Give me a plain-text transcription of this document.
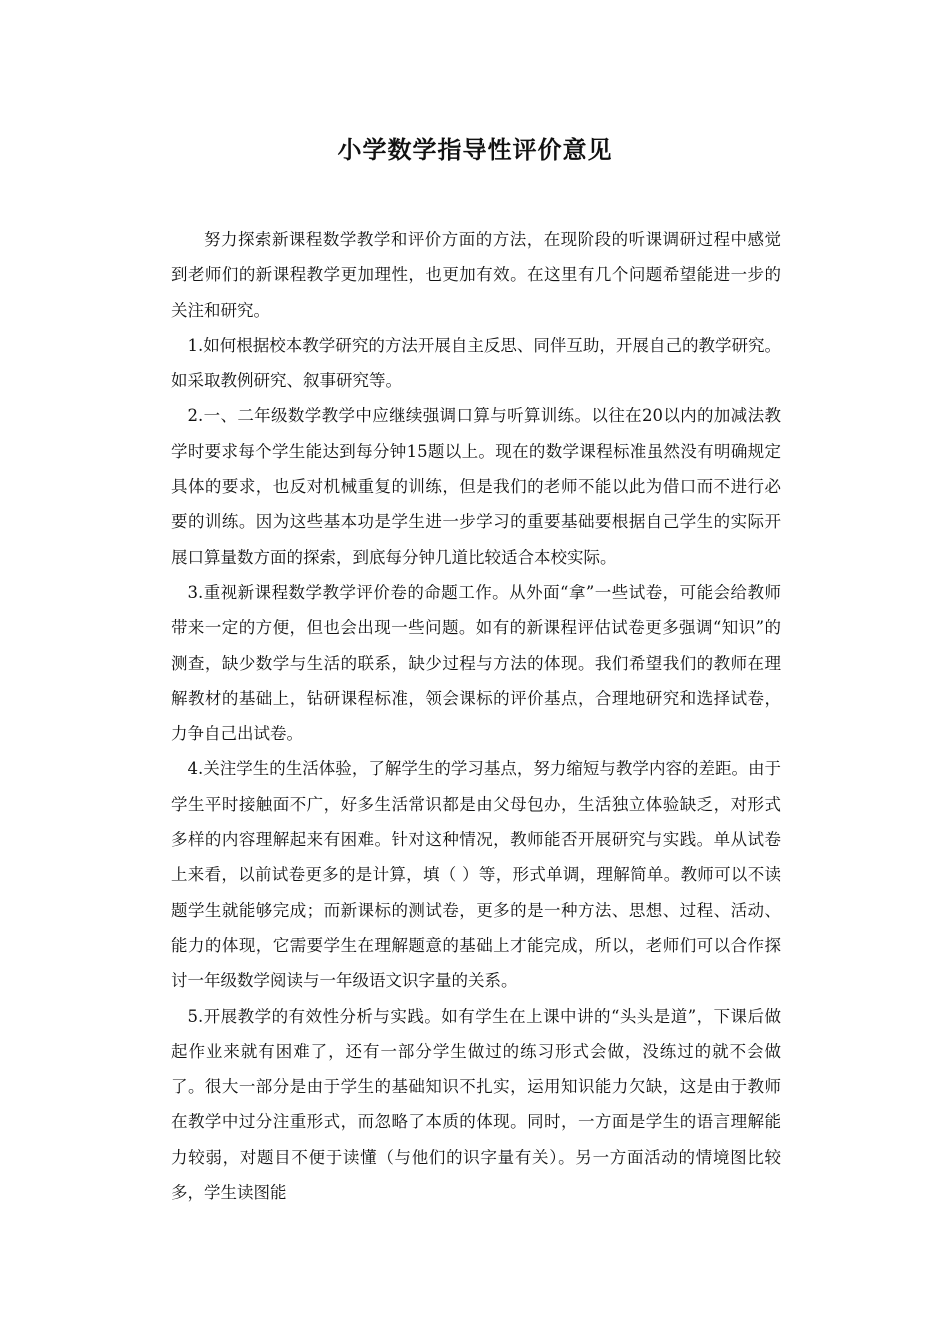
小学数学指导性评价意见

努力探索新课程数学教学和评价方面的方法，在现阶段的听课调研过程中感觉到老师们的新课程教学更加理性，也更加有效。在这里有几个问题希望能进一步的关注和研究。

1.如何根据校本教学研究的方法开展自主反思、同伴互助，开展自己的教学研究。如采取教例研究、叙事研究等。

2.一、二年级数学教学中应继续强调口算与听算训练。以往在20以内的加减法教学时要求每个学生能达到每分钟15题以上。现在的数学课程标准虽然没有明确规定具体的要求，也反对机械重复的训练，但是我们的老师不能以此为借口而不进行必要的训练。因为这些基本功是学生进一步学习的重要基础要根据自己学生的实际开展口算量数方面的探索，到底每分钟几道比较适合本校实际。

3.重视新课程数学教学评价卷的命题工作。从外面“拿”一些试卷，可能会给教师带来一定的方便，但也会出现一些问题。如有的新课程评估试卷更多强调“知识”的测查，缺少数学与生活的联系，缺少过程与方法的体现。我们希望我们的教师在理解教材的基础上，钻研课程标准，领会课标的评价基点，合理地研究和选择试卷，力争自己出试卷。

4.关注学生的生活体验，了解学生的学习基点，努力缩短与教学内容的差距。由于学生平时接触面不广，好多生活常识都是由父母包办，生活独立体验缺乏，对形式多样的内容理解起来有困难。针对这种情况，教师能否开展研究与实践。单从试卷上来看，以前试卷更多的是计算，填（ ）等，形式单调，理解简单。教师可以不读题学生就能够完成；而新课标的测试卷，更多的是一种方法、思想、过程、活动、能力的体现，它需要学生在理解题意的基础上才能完成，所以，老师们可以合作探讨一年级数学阅读与一年级语文识字量的关系。

5.开展教学的有效性分析与实践。如有学生在上课中讲的“头头是道”，下课后做起作业来就有困难了，还有一部分学生做过的练习形式会做，没练过的就不会做了。很大一部分是由于学生的基础知识不扎实，运用知识能力欠缺，这是由于教师在教学中过分注重形式，而忽略了本质的体现。同时，一方面是学生的语言理解能力较弱，对题目不便于读懂（与他们的识字量有关）。另一方面活动的情境图比较多，学生读图能
